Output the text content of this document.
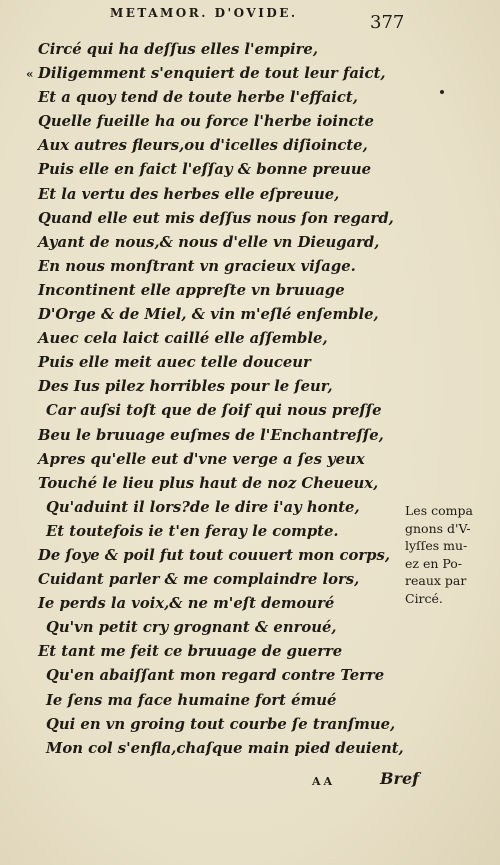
METAMOR. D'OVIDE.	377
Circé qui ha deſſus elles l'empire,
« Diligemment s'enquiert de tout leur faict,
Et a quoy tend de toute herbe l'effaict,
Quelle fueille ha ou force l'herbe ioincte
Aux autres fleurs,ou d'icelles diſioincte,
Puis elle en faict l'eſſay & bonne preuue
Et la vertu des herbes elle eſpreuue,
Quand elle eut mis deſſus nous ſon regard,
Ayant de nous,& nous d'elle vn Dieugard,
En nous monſtrant vn gracieux viſage.
Incontinent elle appreſte vn bruuage
D'Orge & de Miel, & vin m'eſlé enſemble,
Auec cela laict caillé elle aſſemble,
Puis elle meit auec telle douceur
Des Ius pilez horribles pour le ſeur,
Car auſsi toſt que de ſoif qui nous preſſe
Beu le bruuage euſmes de l'Enchantreſſe,
Apres qu'elle eut d'vne verge a ſes yeux
Touché le lieu plus haut de noz Cheueux,
Qu'aduint il lors?de le dire i'ay honte,
Et toutefois ie t'en feray le compte.
De ſoye & poil fut tout couuert mon corps,
Cuidant parler & me complaindre lors,
Ie perds la voix,& ne m'eſt demouré
Qu'vn petit cry grognant & enroué,
Et tant me feit ce bruuage de guerre
Qu'en abaiſſant mon regard contre Terre
Ie ſens ma face humaine fort émué
Qui en vn groing tout courbe ſe tranſmue,
Mon col s'enfla,chaſque main pied deuient,
Les compa
gnons d'V-
lyſſes mu-
ez en Po-
reaux par
Circé.
AA	Bref
